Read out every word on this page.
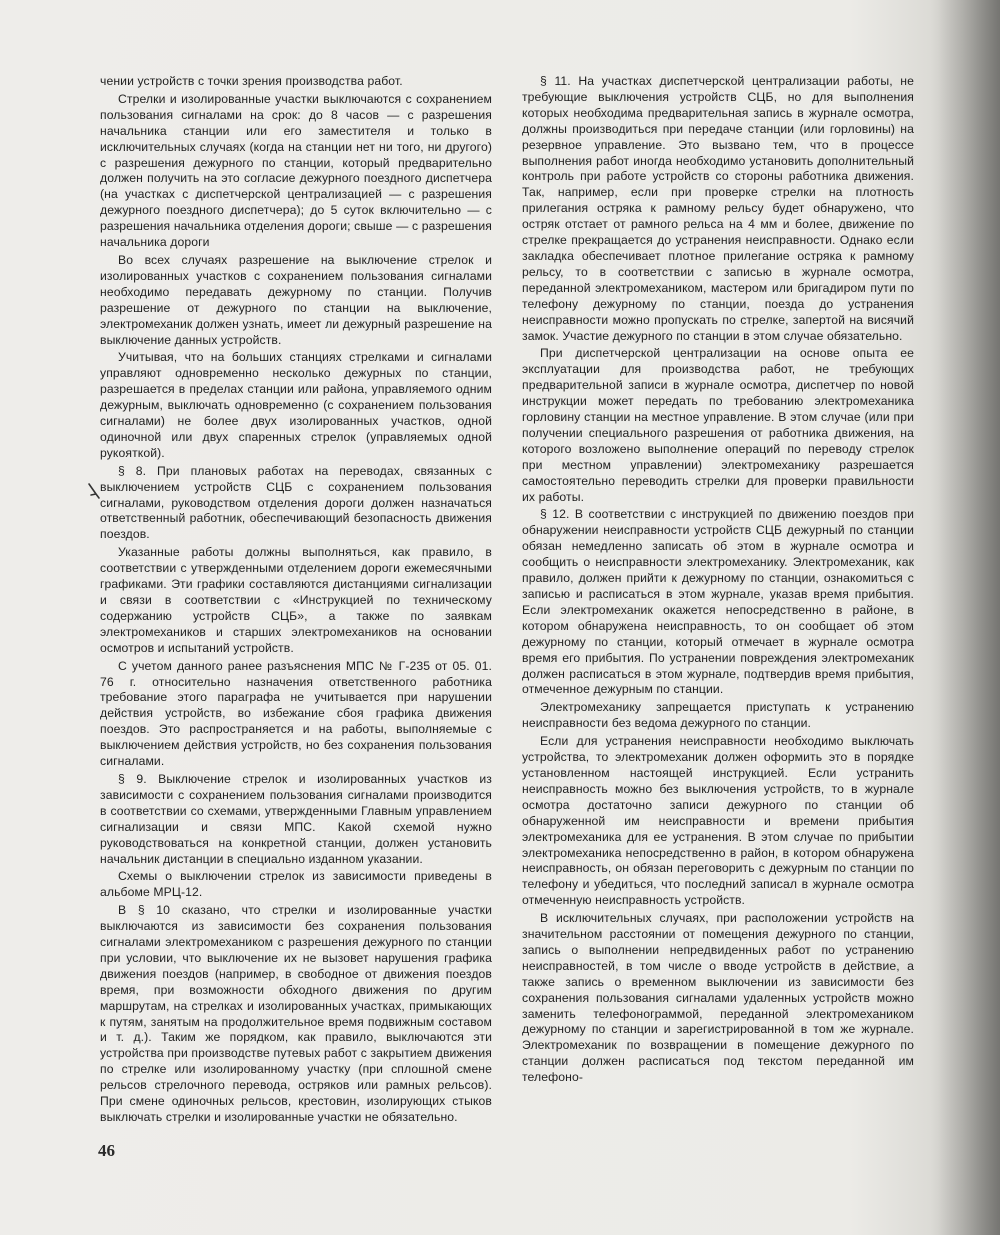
чении устройств с точки зрения производства работ.

Стрелки и изолированные участки выключаются с сохранением пользования сигналами на срок: до 8 часов — с разрешения начальника станции или его заместителя и только в исключительных случаях (когда на станции нет ни того, ни другого) с разрешения дежурного по станции, который предварительно должен получить на это согласие дежурного поездного диспетчера (на участках с диспетчерской централизацией — с разрешения дежурного поездного диспетчера); до 5 суток включительно — с разрешения начальника отделения дороги; свыше — с разрешения начальника дороги

Во всех случаях разрешение на выключение стрелок и изолированных участков с сохранением пользования сигналами необходимо передавать дежурному по станции. Получив разрешение от дежурного по станции на выключение, электромеханик должен узнать, имеет ли дежурный разрешение на выключение данных устройств.

Учитывая, что на больших станциях стрелками и сигналами управляют одновременно несколько дежурных по станции, разрешается в пределах станции или района, управляемого одним дежурным, выключать одновременно (с сохранением пользования сигналами) не более двух изолированных участков, одной одиночной или двух спаренных стрелок (управляемых одной рукояткой).

§ 8. При плановых работах на переводах, связанных с выключением устройств СЦБ с сохранением пользования сигналами, руководством отделения дороги должен назначаться ответственный работник, обеспечивающий безопасность движения поездов.

Указанные работы должны выполняться, как правило, в соответствии с утвержденными отделением дороги ежемесячными графиками. Эти графики составляются дистанциями сигнализации и связи в соответствии с «Инструкцией по техническому содержанию устройств СЦБ», а также по заявкам электромехаников и старших электромехаников на основании осмотров и испытаний устройств.

С учетом данного ранее разъяснения МПС № Г-235 от 05. 01. 76 г. относительно назначения ответственного работника требование этого параграфа не учитывается при нарушении действия устройств, во избежание сбоя графика движения поездов. Это распространяется и на работы, выполняемые с выключением действия устройств, но без сохранения пользования сигналами.

§ 9. Выключение стрелок и изолированных участков из зависимости с сохранением пользования сигналами производится в соответствии со схемами, утвержденными Главным управлением сигнализации и связи МПС. Какой схемой нужно руководствоваться на конкретной станции, должен установить начальник дистанции в специально изданном указании.

Схемы о выключении стрелок из зависимости приведены в альбоме МРЦ-12.

В § 10 сказано, что стрелки и изолированные участки выключаются из зависимости без сохранения пользования сигналами электромехаником с разрешения дежурного по станции при условии, что выключение их не вызовет нарушения графика движения поездов (например, в свободное от движения поездов время, при возможности обходного движения по другим маршрутам, на стрелках и изолированных участках, примыкающих к путям, занятым на продолжительное время подвижным составом и т. д.). Таким же порядком, как правило, выключаются эти устройства при производстве путевых работ с закрытием движения по стрелке или изолированному участку (при сплошной смене рельсов стрелочного перевода, остряков или рамных рельсов). При смене одиночных рельсов, крестовин, изолирующих стыков выключать стрелки и изолированные участки не обязательно.

§ 11. На участках диспетчерской централизации работы, не требующие выключения устройств СЦБ, но для выполнения которых необходима предварительная запись в журнале осмотра, должны производиться при передаче станции (или горловины) на резервное управление. Это вызвано тем, что в процессе выполнения работ иногда необходимо установить дополнительный контроль при работе устройств со стороны работника движения. Так, например, если при проверке стрелки на плотность прилегания остряка к рамному рельсу будет обнаружено, что остряк отстает от рамного рельса на 4 мм и более, движение по стрелке прекращается до устранения неисправности. Однако если закладка обеспечивает плотное прилегание остряка к рамному рельсу, то в соответствии с записью в журнале осмотра, переданной электромехаником, мастером или бригадиром пути по телефону дежурному по станции, поезда до устранения неисправности можно пропускать по стрелке, запертой на висячий замок. Участие дежурного по станции в этом случае обязательно.

При диспетчерской централизации на основе опыта ее эксплуатации для производства работ, не требующих предварительной записи в журнале осмотра, диспетчер по новой инструкции может передать по требованию электромеханика горловину станции на местное управление. В этом случае (или при получении специального разрешения от работника движения, на которого возложено выполнение операций по переводу стрелок при местном управлении) электромеханику разрешается самостоятельно переводить стрелки для проверки правильности их работы.

§ 12. В соответствии с инструкцией по движению поездов при обнаружении неисправности устройств СЦБ дежурный по станции обязан немедленно записать об этом в журнале осмотра и сообщить о неисправности электромеханику. Электромеханик, как правило, должен прийти к дежурному по станции, ознакомиться с записью и расписаться в этом журнале, указав время прибытия. Если электромеханик окажется непосредственно в районе, в котором обнаружена неисправность, то он сообщает об этом дежурному по станции, который отмечает в журнале осмотра время его прибытия. По устранении повреждения электромеханик должен расписаться в этом журнале, подтвердив время прибытия, отмеченное дежурным по станции.

Электромеханику запрещается приступать к устранению неисправности без ведома дежурного по станции.

Если для устранения неисправности необходимо выключать устройства, то электромеханик должен оформить это в порядке установленном настоящей инструкцией. Если устранить неисправность можно без выключения устройств, то в журнале осмотра достаточно записи дежурного по станции об обнаруженной им неисправности и времени прибытия электромеханика для ее устранения. В этом случае по прибытии электромеханика непосредственно в район, в котором обнаружена неисправность, он обязан переговорить с дежурным по станции по телефону и убедиться, что последний записал в журнале осмотра отмеченную неисправность устройств.

В исключительных случаях, при расположении устройств на значительном расстоянии от помещения дежурного по станции, запись о выполнении непредвиденных работ по устранению неисправностей, в том числе о вводе устройств в действие, а также запись о временном выключении из зависимости без сохранения пользования сигналами удаленных устройств можно заменить телефонограммой, переданной электромехаником дежурному по станции и зарегистрированной в том же журнале. Электромеханик по возвращении в помещение дежурного по станции должен расписаться под текстом переданной им телефоно-

46
